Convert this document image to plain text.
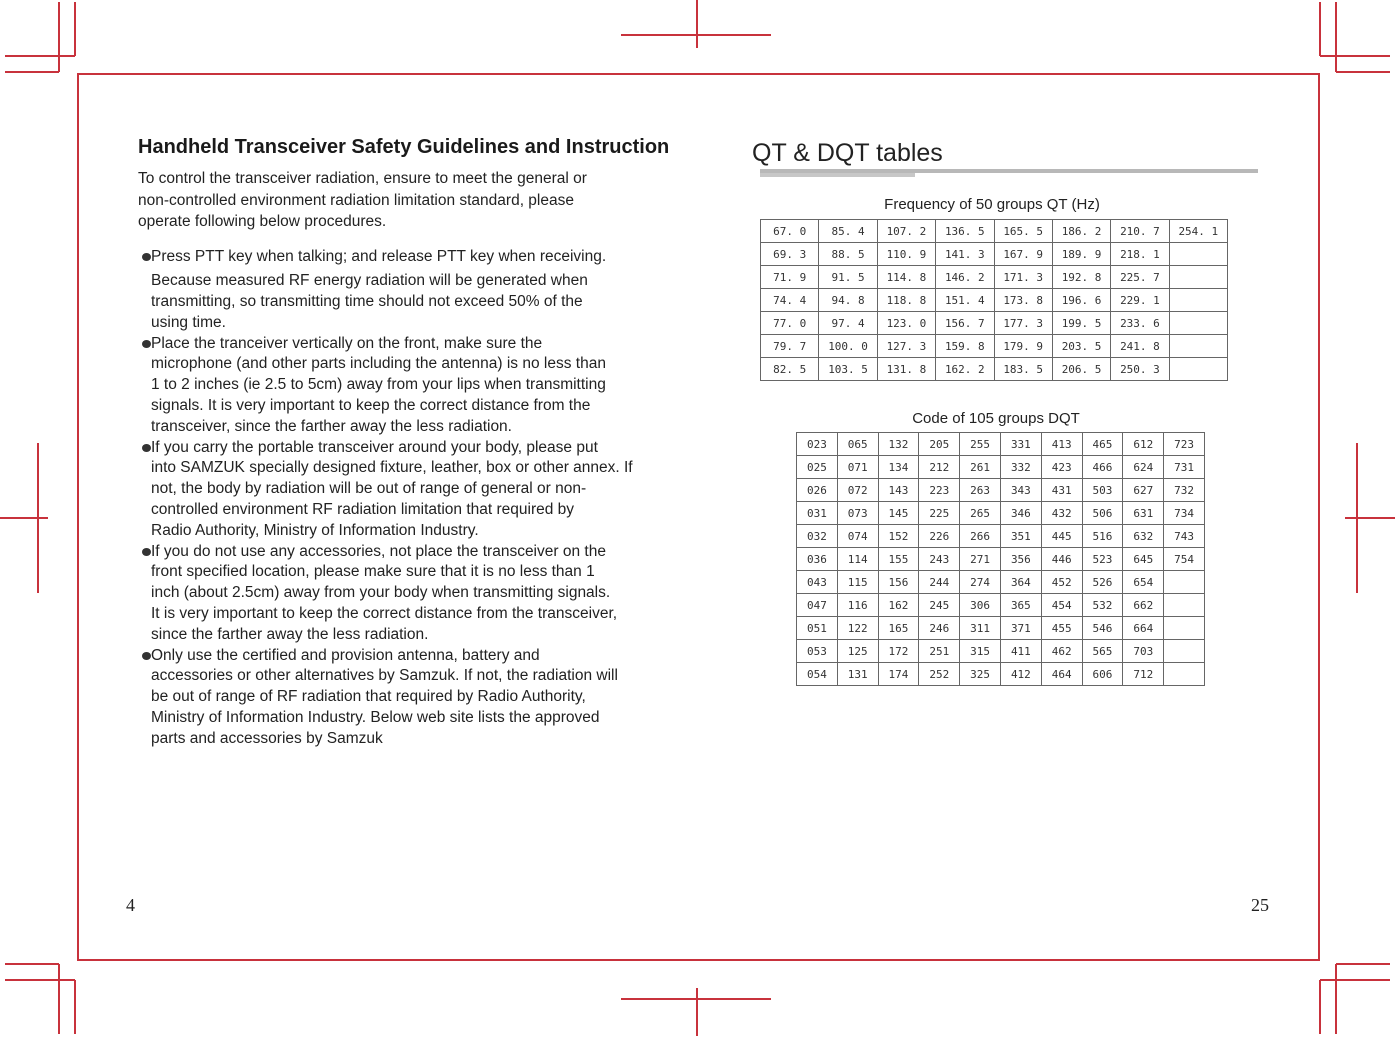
Handheld Transceiver Safety Guidelines and Instruction
To control the transceiver radiation, ensure to meet the general or
non-controlled environment radiation limitation standard, please
operate following below procedures.

Press PTT key when talking; and release PTT key when receiving.

Because measured RF energy radiation will be generated when

transmitting, so transmitting time should not exceed 50% of the

using time.

Place the tranceiver vertically on the front, make sure the

microphone (and other parts including the antenna) is no less than

1 to 2 inches (ie 2.5 to 5cm) away from your lips when transmitting

signals. It is very important to keep the correct distance from the

transceiver, since the farther away the less radiation.

If you carry the portable transceiver around your body, please put

into SAMZUK specially designed fixture, leather, box or other annex. If

not, the body by radiation will be out of range of general or non-

controlled environment RF radiation limitation that required by

Radio Authority, Ministry of Information Industry.

If you do not use any accessories, not place the transceiver on the

front specified location, please make sure that it is no less than 1

inch (about 2.5cm) away from your body when transmitting signals.

It is very important to keep the correct distance from the transceiver,

since the farther away the less radiation.

Only use the certified and provision antenna, battery and

accessories or other alternatives by Samzuk. If not, the radiation will

be out of range of RF radiation that required by Radio Authority,

Ministry of Information Industry. Below web site lists the approved

parts and accessories by Samzuk

4
QT & DQT tables
Frequency of 50 groups QT (Hz)
67. 0	85. 4	107. 2	136. 5	165. 5	186. 2	210. 7	254. 1
69. 3	88. 5	110. 9	141. 3	167. 9	189. 9	218. 1	
71. 9	91. 5	114. 8	146. 2	171. 3	192. 8	225. 7	
74. 4	94. 8	118. 8	151. 4	173. 8	196. 6	229. 1	
77. 0	97. 4	123. 0	156. 7	177. 3	199. 5	233. 6	
79. 7	100. 0	127. 3	159. 8	179. 9	203. 5	241. 8	
82. 5	103. 5	131. 8	162. 2	183. 5	206. 5	250. 3	
Code of 105 groups DQT
023	065	132	205	255	331	413	465	612	723
025	071	134	212	261	332	423	466	624	731
026	072	143	223	263	343	431	503	627	732
031	073	145	225	265	346	432	506	631	734
032	074	152	226	266	351	445	516	632	743
036	114	155	243	271	356	446	523	645	754
043	115	156	244	274	364	452	526	654	
047	116	162	245	306	365	454	532	662	
051	122	165	246	311	371	455	546	664	
053	125	172	251	315	411	462	565	703	
054	131	174	252	325	412	464	606	712	
25
